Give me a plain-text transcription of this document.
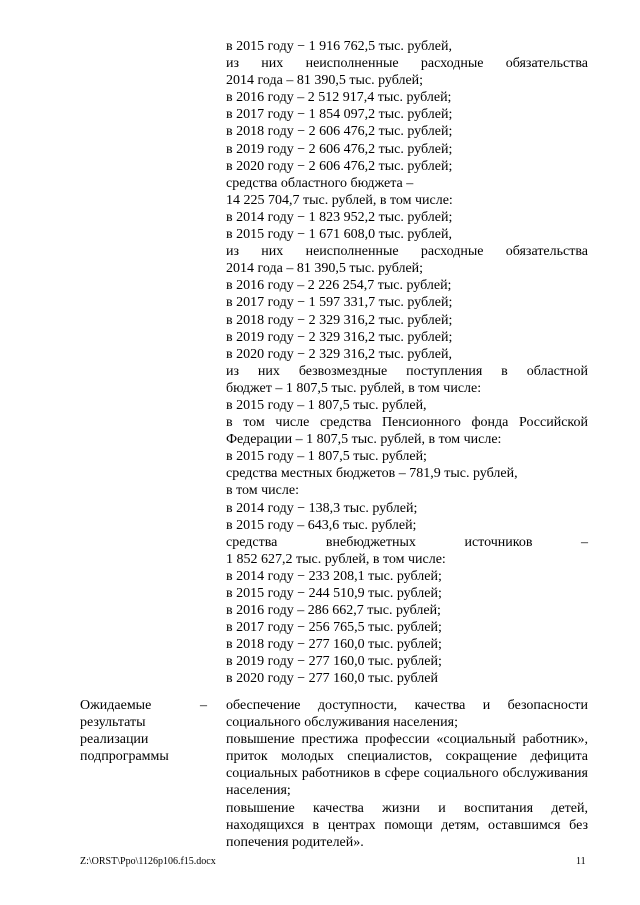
в 2015 году − 1 916 762,5 тыс. рублей,
из них неисполненные расходные обязательства
2014 года – 81 390,5 тыс. рублей;
в 2016 году – 2 512 917,4 тыс. рублей;
в 2017 году − 1 854 097,2 тыс. рублей;
в 2018 году − 2 606 476,2 тыс. рублей;
в 2019 году − 2 606 476,2 тыс. рублей;
в 2020 году − 2 606 476,2 тыс. рублей;
средства областного бюджета –
14 225 704,7 тыс. рублей, в том числе:
в 2014 году − 1 823 952,2 тыс. рублей;
в 2015 году − 1 671 608,0 тыс. рублей,
из них неисполненные расходные обязательства
2014 года – 81 390,5 тыс. рублей;
в 2016 году – 2 226 254,7 тыс. рублей;
в 2017 году − 1 597 331,7 тыс. рублей;
в 2018 году − 2 329 316,2 тыс. рублей;
в 2019 году − 2 329 316,2 тыс. рублей;
в 2020 году − 2 329 316,2 тыс. рублей,
из них безвозмездные поступления в областной
бюджет – 1 807,5 тыс. рублей, в том числе:
в 2015 году – 1 807,5 тыс. рублей,
в том числе средства Пенсионного фонда Российской
Федерации – 1 807,5 тыс. рублей, в том числе:
в 2015 году – 1 807,5 тыс. рублей;
средства местных бюджетов – 781,9 тыс. рублей,
в том числе:
в 2014 году − 138,3 тыс. рублей;
в 2015 году – 643,6 тыс. рублей;
средства внебюджетных источников –
1 852 627,2 тыс. рублей, в том числе:
в 2014 году − 233 208,1 тыс. рублей;
в 2015 году − 244 510,9 тыс. рублей;
в 2016 году – 286 662,7 тыс. рублей;
в 2017 году − 256 765,5 тыс. рублей;
в 2018 году − 277 160,0 тыс. рублей;
в 2019 году − 277 160,0 тыс. рублей;
в 2020 году − 277 160,0 тыс. рублей
Ожидаемые результаты реализации подпрограммы
– обеспечение доступности, качества и безопасности социального обслуживания населения;
повышение престижа профессии «социальный работник», приток молодых специалистов, сокращение дефицита социальных работников в сфере социального обслуживания населения;
повышение качества жизни и воспитания детей, находящихся в центрах помощи детям, оставшимся без попечения родителей».
Z:\ORST\Ppo\1126p106.f15.docx	11
